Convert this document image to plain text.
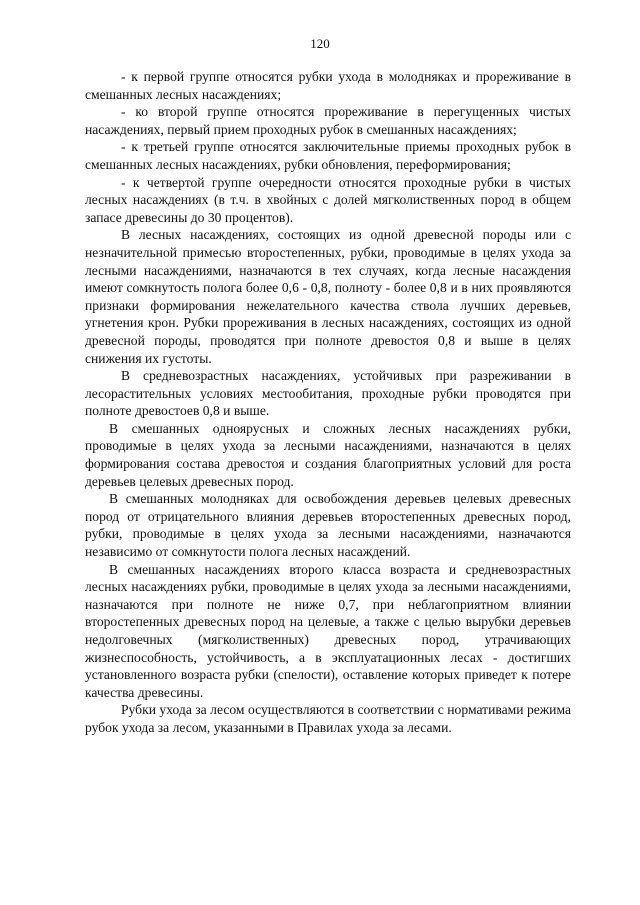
120

- к первой группе относятся рубки ухода в молодняках и прореживание в смешанных лесных насаждениях;

- ко второй группе относятся прореживание в перегущенных чистых насаждениях, первый прием проходных рубок в смешанных насаждениях;

- к третьей группе относятся заключительные приемы проходных рубок в смешанных лесных насаждениях, рубки обновления, переформирования;

- к четвертой группе очередности относятся проходные рубки в чистых лесных насаждениях (в т.ч. в хвойных с долей мягколиственных пород в общем запасе древесины до 30 процентов).

В лесных насаждениях, состоящих из одной древесной породы или с незначительной примесью второстепенных, рубки, проводимые в целях ухода за лесными насаждениями, назначаются в тех случаях, когда лесные насаждения имеют сомкнутость полога более 0,6 - 0,8, полноту - более 0,8 и в них проявляются признаки формирования нежелательного качества ствола лучших деревьев, угнетения крон. Рубки прореживания в лесных насаждениях, состоящих из одной древесной породы, проводятся при полноте древостоя 0,8 и выше в целях снижения их густоты.

В средневозрастных насаждениях, устойчивых при разреживании в лесорастительных условиях местообитания, проходные рубки проводятся при полноте древостоев 0,8 и выше.

В смешанных одноярусных и сложных лесных насаждениях рубки, проводимые в целях ухода за лесными насаждениями, назначаются в целях формирования состава древостоя и создания благоприятных условий для роста деревьев целевых древесных пород.

В смешанных молодняках для освобождения деревьев целевых древесных пород от отрицательного влияния деревьев второстепенных древесных пород, рубки, проводимые в целях ухода за лесными насаждениями, назначаются независимо от сомкнутости полога лесных насаждений.

В смешанных насаждениях второго класса возраста и средневозрастных лесных насаждениях рубки, проводимые в целях ухода за лесными насаждениями, назначаются при полноте не ниже 0,7, при неблагоприятном влиянии второстепенных древесных пород на целевые, а также с целью вырубки деревьев недолговечных (мягколиственных) древесных пород, утрачивающих жизнеспособность, устойчивость, а в эксплуатационных лесах - достигших установленного возраста рубки (спелости), оставление которых приведет к потере качества древесины.

Рубки ухода за лесом осуществляются в соответствии с нормативами режима рубок ухода за лесом, указанными в Правилах ухода за лесами.
